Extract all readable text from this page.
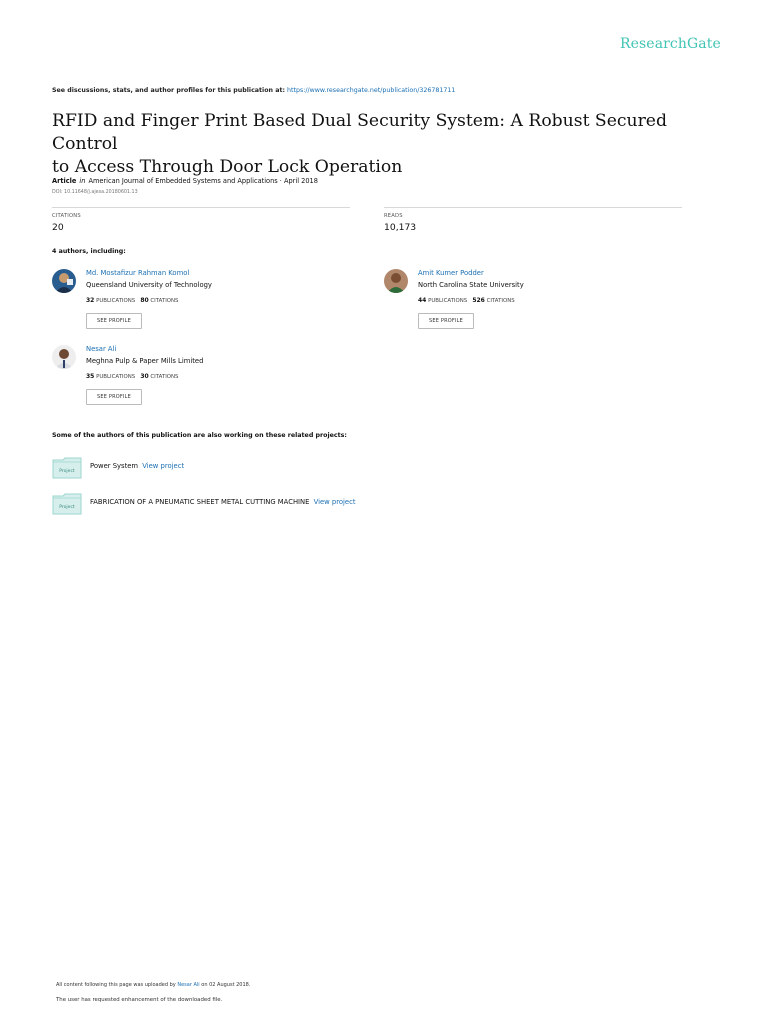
ResearchGate
See discussions, stats, and author profiles for this publication at: https://www.researchgate.net/publication/326781711
RFID and Finger Print Based Dual Security System: A Robust Secured Control
to Access Through Door Lock Operation
Article in American Journal of Embedded Systems and Applications · April 2018
DOI: 10.11648/j.ajesa.20180601.13
CITATIONS
20
READS
10,173
4 authors, including:
Md. Mostafizur Rahman Komol
Queensland University of Technology
32 PUBLICATIONS 80 CITATIONS
SEE PROFILE
Amit Kumer Podder
North Carolina State University
44 PUBLICATIONS 526 CITATIONS
SEE PROFILE
Nesar Ali
Meghna Pulp & Paper Mills Limited
35 PUBLICATIONS 30 CITATIONS
SEE PROFILE
Some of the authors of this publication are also working on these related projects:
Project
Power System View project
Project
FABRICATION OF A PNEUMATIC SHEET METAL CUTTING MACHINE View project
All content following this page was uploaded by Nesar Ali on 02 August 2018.
The user has requested enhancement of the downloaded file.
